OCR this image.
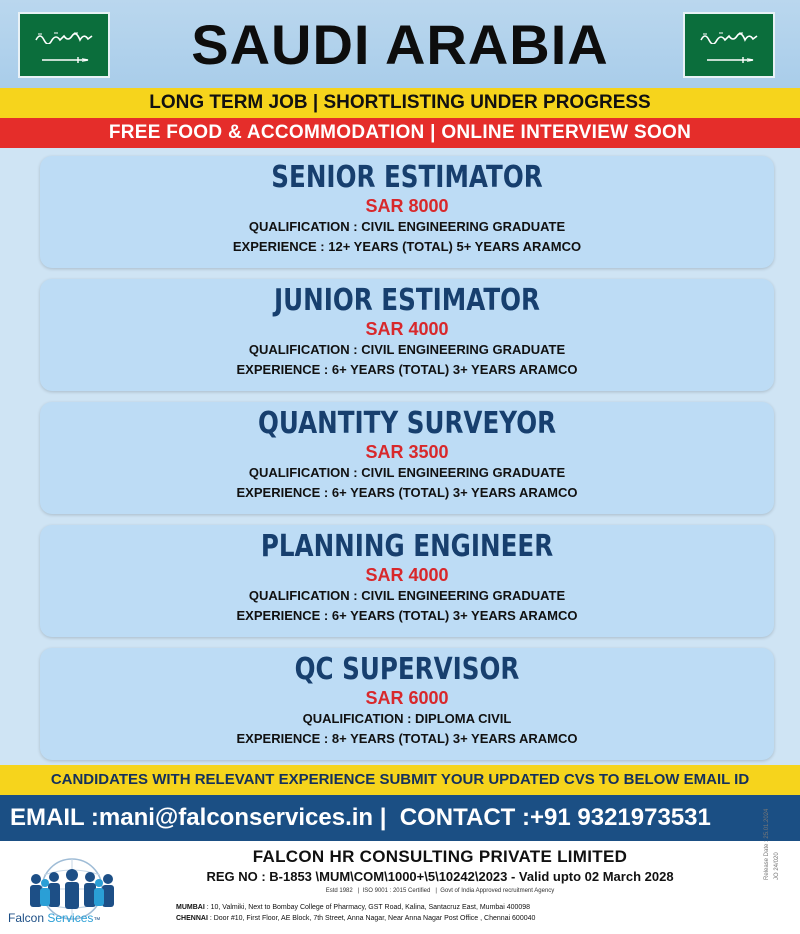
SAUDI ARABIA
LONG TERM JOB | SHORTLISTING UNDER PROGRESS
FREE FOOD & ACCOMMODATION | ONLINE INTERVIEW SOON
SENIOR ESTIMATOR
SAR 8000
QUALIFICATION : CIVIL ENGINEERING GRADUATE
EXPERIENCE : 12+ YEARS (TOTAL) 5+ YEARS ARAMCO
JUNIOR ESTIMATOR
SAR 4000
QUALIFICATION : CIVIL ENGINEERING GRADUATE
EXPERIENCE : 6+ YEARS (TOTAL) 3+ YEARS ARAMCO
QUANTITY SURVEYOR
SAR 3500
QUALIFICATION : CIVIL ENGINEERING GRADUATE
EXPERIENCE : 6+ YEARS (TOTAL) 3+ YEARS ARAMCO
PLANNING ENGINEER
SAR 4000
QUALIFICATION : CIVIL ENGINEERING GRADUATE
EXPERIENCE : 6+ YEARS (TOTAL) 3+ YEARS ARAMCO
QC SUPERVISOR
SAR 6000
QUALIFICATION : DIPLOMA CIVIL
EXPERIENCE : 8+ YEARS (TOTAL) 3+ YEARS ARAMCO
CANDIDATES WITH RELEVANT EXPERIENCE SUBMIT YOUR UPDATED CVS TO BELOW EMAIL ID
EMAIL :mani@falconservices.in |  CONTACT :+91 9321973531
Falcon Services™
FALCON HR CONSULTING PRIVATE LIMITED
REG NO : B-1853 \MUM\COM\1000+\5\10242\2023 - Valid upto 02 March 2028
Estd 1982   |  ISO 9001 : 2015 Certified   |  Govt of India Approved recruitment Agency
MUMBAI : 10, Valmiki, Next to Bombay College of Pharmacy, GST Road, Kalina, Santacruz East, Mumbai 400098
CHENNAI : Door #10, First Floor, AE Block, 7th Street, Anna Nagar, Near Anna Nagar Post Office , Chennai 600040
Release Date : 25.01.2024 JO 24/020
